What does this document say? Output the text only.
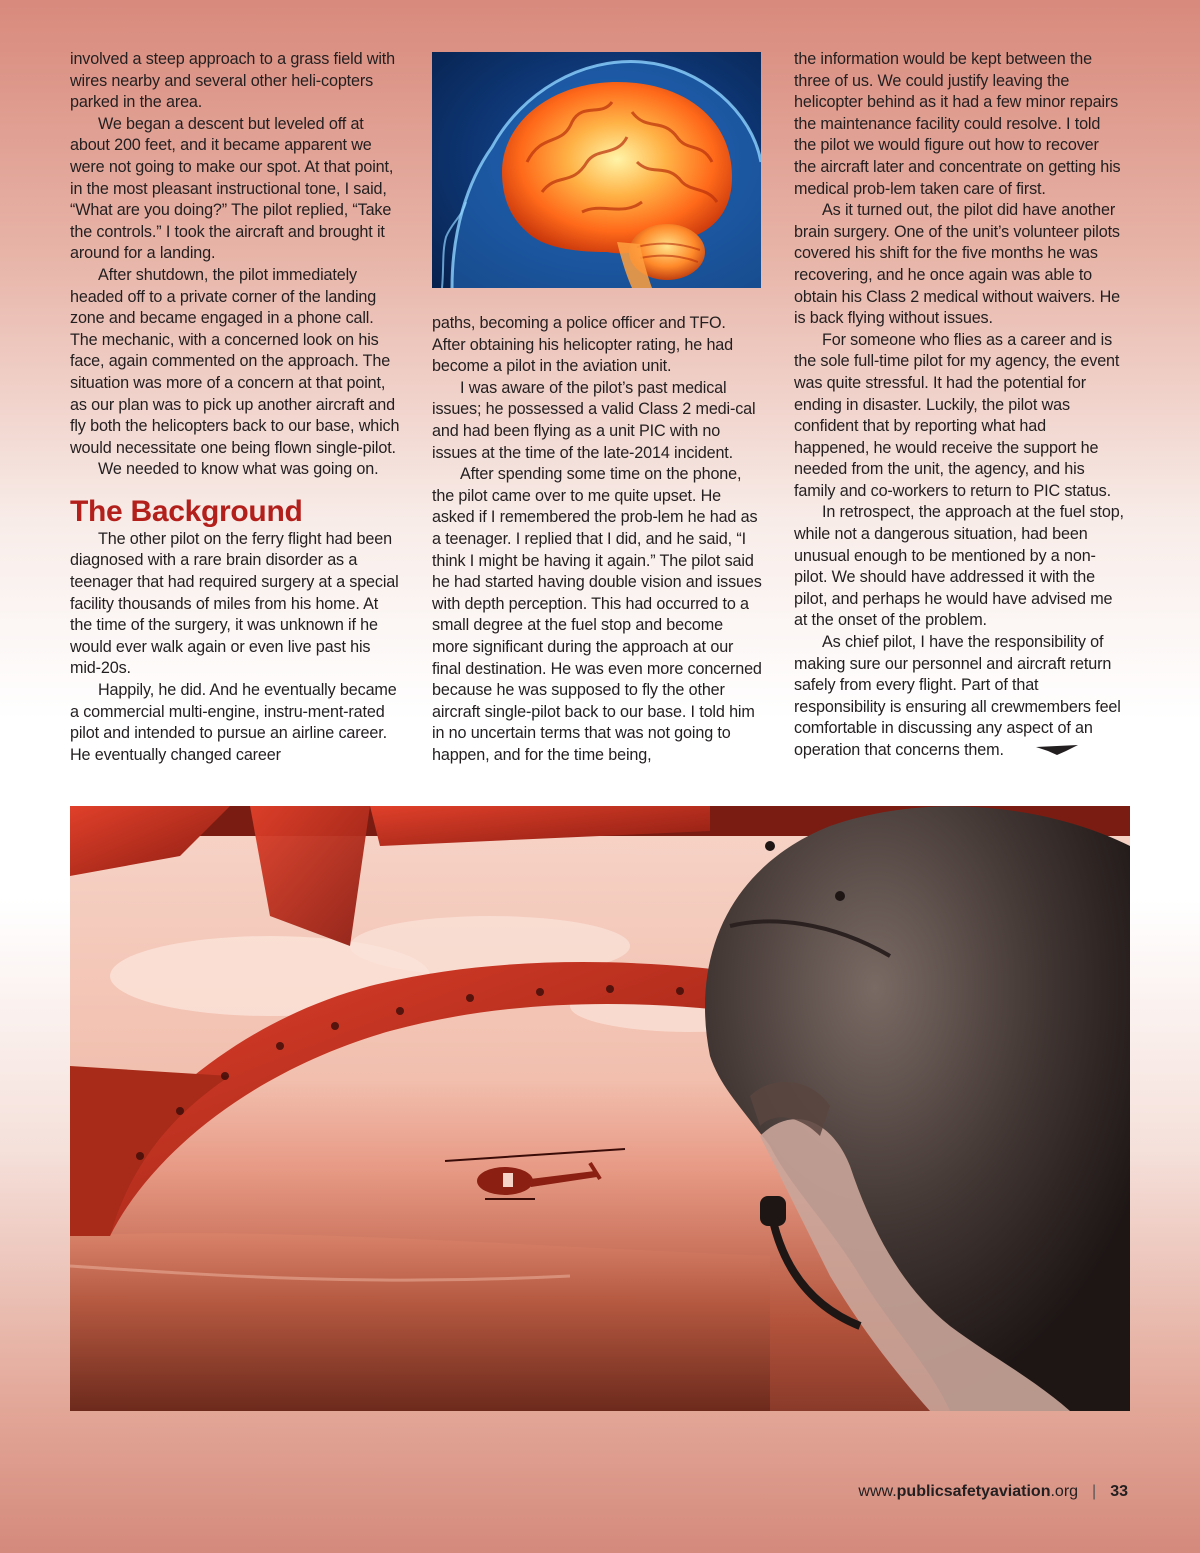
involved a steep approach to a grass field with wires nearby and several other heli-copters parked in the area.

We began a descent but leveled off at about 200 feet, and it became apparent we were not going to make our spot. At that point, in the most pleasant instructional tone, I said, “What are you doing?” The pilot replied, “Take the controls.” I took the aircraft and brought it around for a landing.

After shutdown, the pilot immediately headed off to a private corner of the landing zone and became engaged in a phone call. The mechanic, with a concerned look on his face, again commented on the approach. The situation was more of a concern at that point, as our plan was to pick up another aircraft and fly both the helicopters back to our base, which would necessitate one being flown single-pilot.

We needed to know what was going on.

The Background

The other pilot on the ferry flight had been diagnosed with a rare brain disorder as a teenager that had required surgery at a special facility thousands of miles from his home. At the time of the surgery, it was unknown if he would ever walk again or even live past his mid-20s.

Happily, he did. And he eventually became a commercial multi-engine, instru-ment-rated pilot and intended to pursue an airline career. He eventually changed career

paths, becoming a police officer and TFO. After obtaining his helicopter rating, he had become a pilot in the aviation unit.

I was aware of the pilot’s past medical issues; he possessed a valid Class 2 medi-cal and had been flying as a unit PIC with no issues at the time of the late-2014 incident.

After spending some time on the phone, the pilot came over to me quite upset. He asked if I remembered the prob-lem he had as a teenager. I replied that I did, and he said, “I think I might be having it again.” The pilot said he had started having double vision and issues with depth perception. This had occurred to a small degree at the fuel stop and become more significant during the approach at our final destination. He was even more concerned because he was supposed to fly the other aircraft single-pilot back to our base. I told him in no uncertain terms that was not going to happen, and for the time being,

the information would be kept between the three of us. We could justify leaving the helicopter behind as it had a few minor repairs the maintenance facility could resolve. I told the pilot we would figure out how to recover the aircraft later and concentrate on getting his medical prob-lem taken care of first.

As it turned out, the pilot did have another brain surgery. One of the unit’s volunteer pilots covered his shift for the five months he was recovering, and he once again was able to obtain his Class 2 medical without waivers. He is back flying without issues.

For someone who flies as a career and is the sole full-time pilot for my agency, the event was quite stressful. It had the potential for ending in disaster. Luckily, the pilot was confident that by reporting what had happened, he would receive the support he needed from the unit, the agency, and his family and co-workers to return to PIC status.

In retrospect, the approach at the fuel stop, while not a dangerous situation, had been unusual enough to be mentioned by a non-pilot. We should have addressed it with the pilot, and perhaps he would have advised me at the onset of the problem.

As chief pilot, I have the responsibility of making sure our personnel and aircraft return safely from every flight. Part of that responsibility is ensuring all crewmembers feel comfortable in discussing any aspect of an operation that concerns them.

www.publicsafetyaviation.org | 33
